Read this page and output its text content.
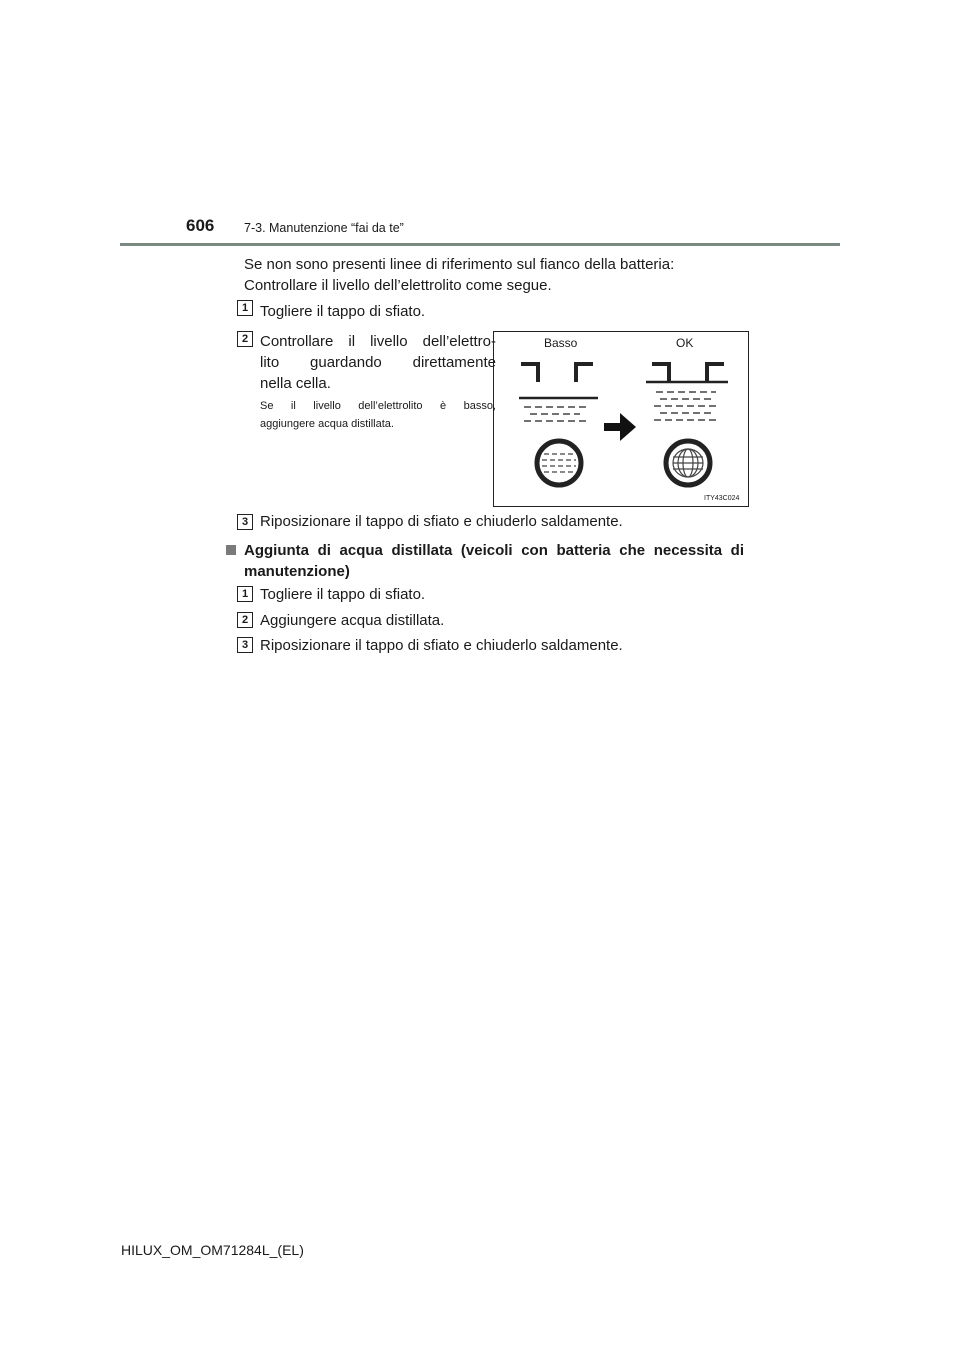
606 7-3. Manutenzione “fai da te”
Se non sono presenti linee di riferimento sul fianco della batteria:
Controllare il livello dell’elettrolito come segue.
1 Togliere il tappo di sfiato.
2 Controllare il livello dell’elettro-
lito guardando direttamente
nella cella.
Se il livello dell’elettrolito è basso,
aggiungere acqua distillata.
Basso	OK
ITY43C024
3 Riposizionare il tappo di sfiato e chiuderlo saldamente.
Aggiunta di acqua distillata (veicoli con batteria che necessita di
manutenzione)
1 Togliere il tappo di sfiato.
2 Aggiungere acqua distillata.
3 Riposizionare il tappo di sfiato e chiuderlo saldamente.
HILUX_OM_OM71284L_(EL)
